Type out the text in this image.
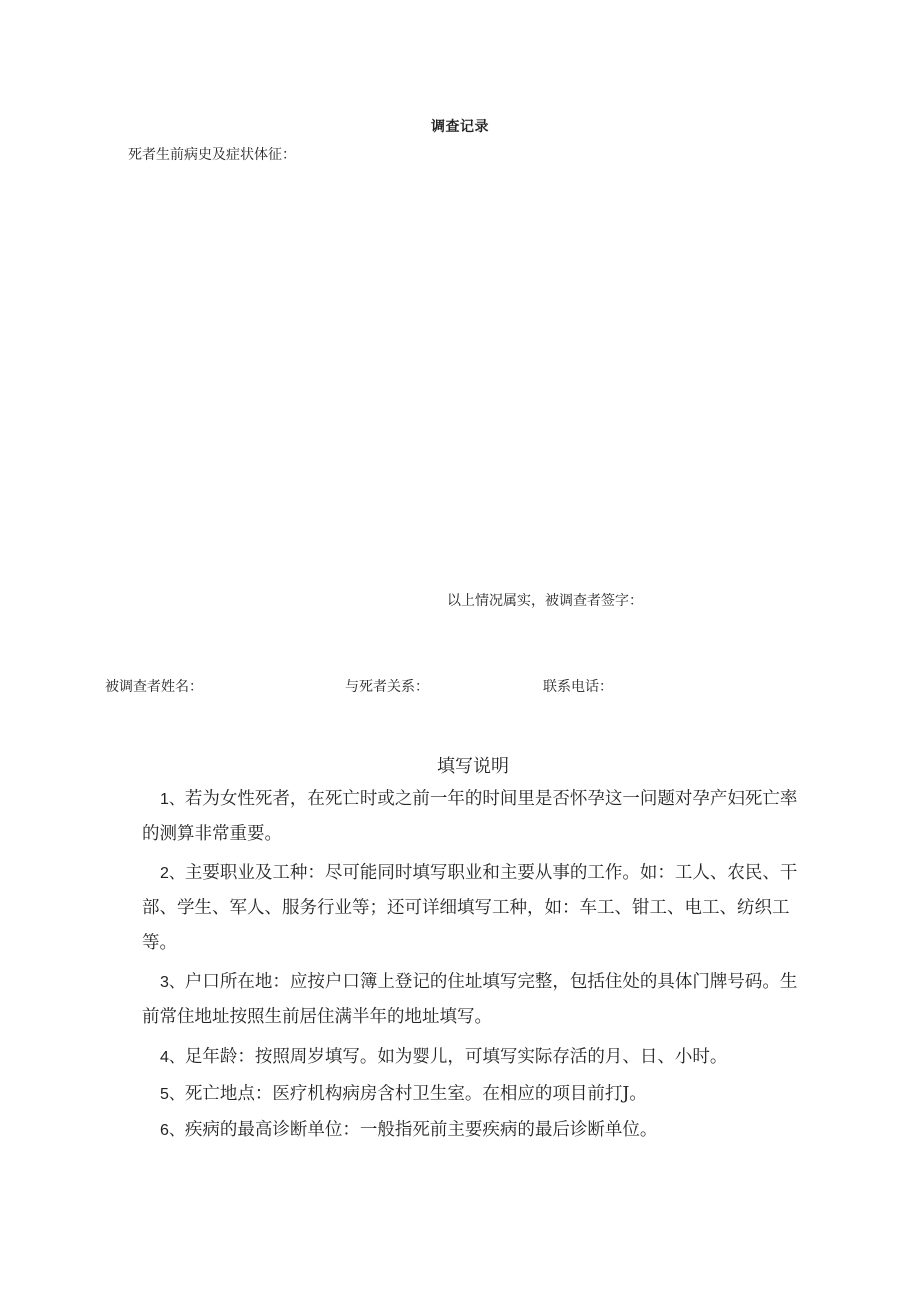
调查记录
死者生前病史及症状体征：
以上情况属实，被调查者签字：
被调查者姓名：	与死者关系：	联系电话：
填写说明
1、若为女性死者，在死亡时或之前一年的时间里是否怀孕这一问题对孕产妇死亡率的测算非常重要。
2、主要职业及工种：尽可能同时填写职业和主要从事的工作。如：工人、农民、干部、学生、军人、服务行业等；还可详细填写工种，如：车工、钳工、电工、纺织工等。
3、户口所在地：应按户口簿上登记的住址填写完整，包括住处的具体门牌号码。生前常住地址按照生前居住满半年的地址填写。
4、足年龄：按照周岁填写。如为婴儿，可填写实际存活的月、日、小时。
5、死亡地点：医疗机构病房含村卫生室。在相应的项目前打J。
6、疾病的最高诊断单位：一般指死前主要疾病的最后诊断单位。
